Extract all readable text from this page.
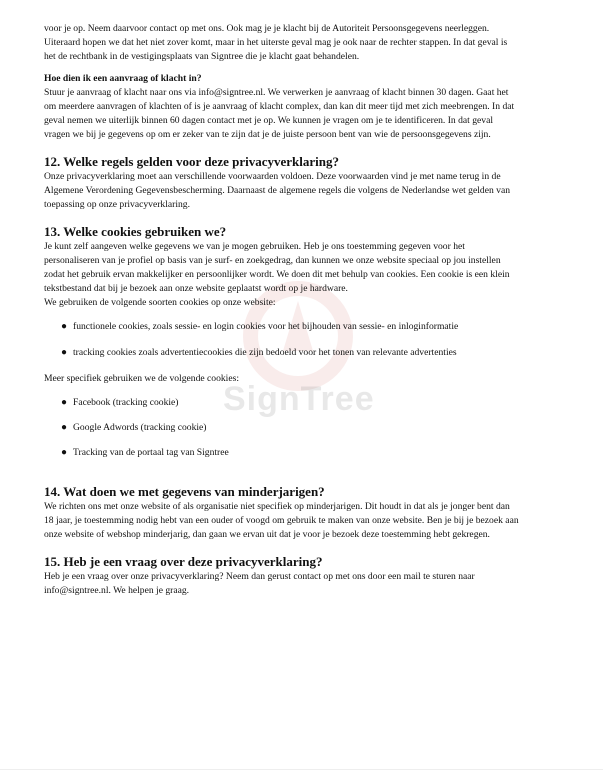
SignTree

voor je op. Neem daarvoor contact op met ons. Ook mag je je klacht bij de Autoriteit Persoonsgegevens neerleggen.

Uiteraard hopen we dat het niet zover komt, maar in het uiterste geval mag je ook naar de rechter stappen. In dat geval is

het de rechtbank in de vestigingsplaats van Signtree die je klacht gaat behandelen.

Hoe dien ik een aanvraag of klacht in?

Stuur je aanvraag of klacht naar ons via info@signtree.nl. We verwerken je aanvraag of klacht binnen 30 dagen. Gaat het

om meerdere aanvragen of klachten of is je aanvraag of klacht complex, dan kan dit meer tijd met zich meebrengen. In dat

geval nemen we uiterlijk binnen 60 dagen contact met je op. We kunnen je vragen om je te identificeren. In dat geval

vragen we bij je gegevens op om er zeker van te zijn dat je de juiste persoon bent van wie de persoonsgegevens zijn.

12. Welke regels gelden voor deze privacyverklaring?

Onze privacyverklaring moet aan verschillende voorwaarden voldoen. Deze voorwaarden vind je met name terug in de

Algemene Verordening Gegevensbescherming. Daarnaast de algemene regels die volgens de Nederlandse wet gelden van

toepassing op onze privacyverklaring.

13. Welke cookies gebruiken we?

Je kunt zelf aangeven welke gegevens we van je mogen gebruiken. Heb je ons toestemming gegeven voor het

personaliseren van je profiel op basis van je surf- en zoekgedrag, dan kunnen we onze website speciaal op jou instellen

zodat het gebruik ervan makkelijker en persoonlijker wordt. We doen dit met behulp van cookies. Een cookie is een klein

tekstbestand dat bij je bezoek aan onze website geplaatst wordt op je hardware.

We gebruiken de volgende soorten cookies op onze website:

● functionele cookies, zoals sessie- en login cookies voor het bijhouden van sessie- en inloginformatie
● tracking cookies zoals advertentiecookies die zijn bedoeld voor het tonen van relevante advertenties

Meer specifiek gebruiken we de volgende cookies:

● Facebook (tracking cookie)
● Google Adwords (tracking cookie)
● Tracking van de portaal tag van Signtree
14. Wat doen we met gegevens van minderjarigen?

We richten ons met onze website of als organisatie niet specifiek op minderjarigen. Dit houdt in dat als je jonger bent dan

18 jaar, je toestemming nodig hebt van een ouder of voogd om gebruik te maken van onze website. Ben je bij je bezoek aan

onze website of webshop minderjarig, dan gaan we ervan uit dat je voor je bezoek deze toestemming hebt gekregen.

15. Heb je een vraag over deze privacyverklaring?

Heb je een vraag over onze privacyverklaring? Neem dan gerust contact op met ons door een mail te sturen naar

info@signtree.nl. We helpen je graag.
